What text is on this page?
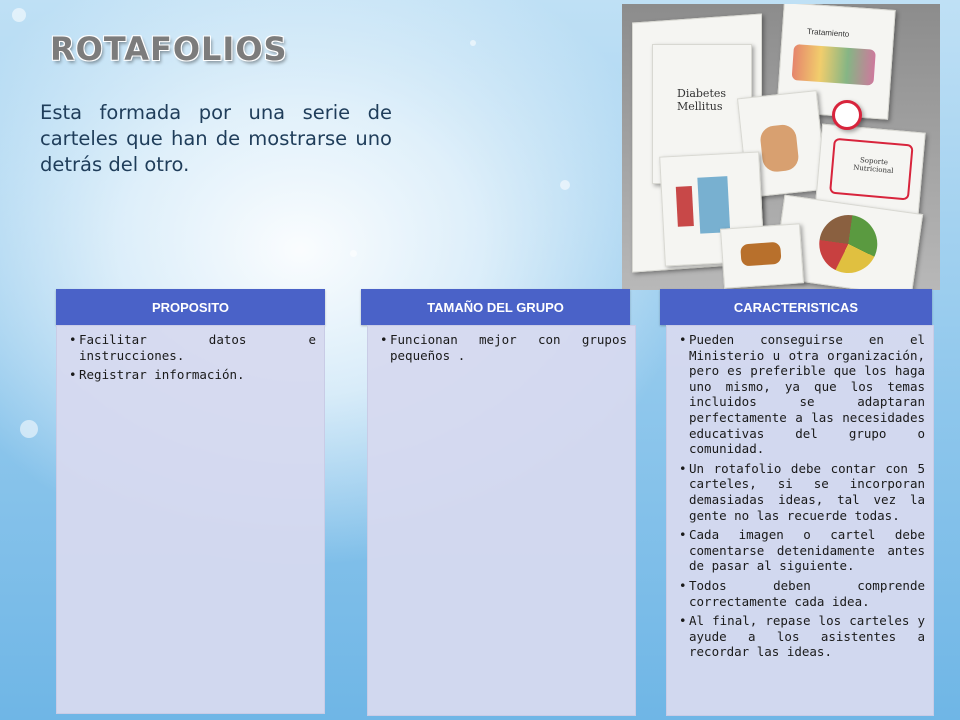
ROTAFOLIOS
Esta formada por una serie de carteles que han de mostrarse uno detrás del otro.
Diabetes Mellitus
Tratamiento
Soporte Nutricional
PROPOSITO
• Facilitar datos e instrucciones.
• Registrar información.
TAMAÑO DEL GRUPO
• Funcionan mejor con grupos pequeños .
CARACTERISTICAS
• Pueden conseguirse en el Ministerio u otra organización, pero es preferible que los haga uno mismo, ya que los temas incluidos se adaptaran perfectamente a las necesidades educativas del grupo o comunidad.
• Un rotafolio debe contar con 5 carteles, si se incorporan demasiadas ideas, tal vez la gente no las recuerde todas.
• Cada imagen o cartel debe comentarse detenidamente antes de pasar al siguiente.
• Todos deben comprende correctamente cada idea.
• Al final, repase los carteles y ayude a los asistentes a recordar las ideas.
